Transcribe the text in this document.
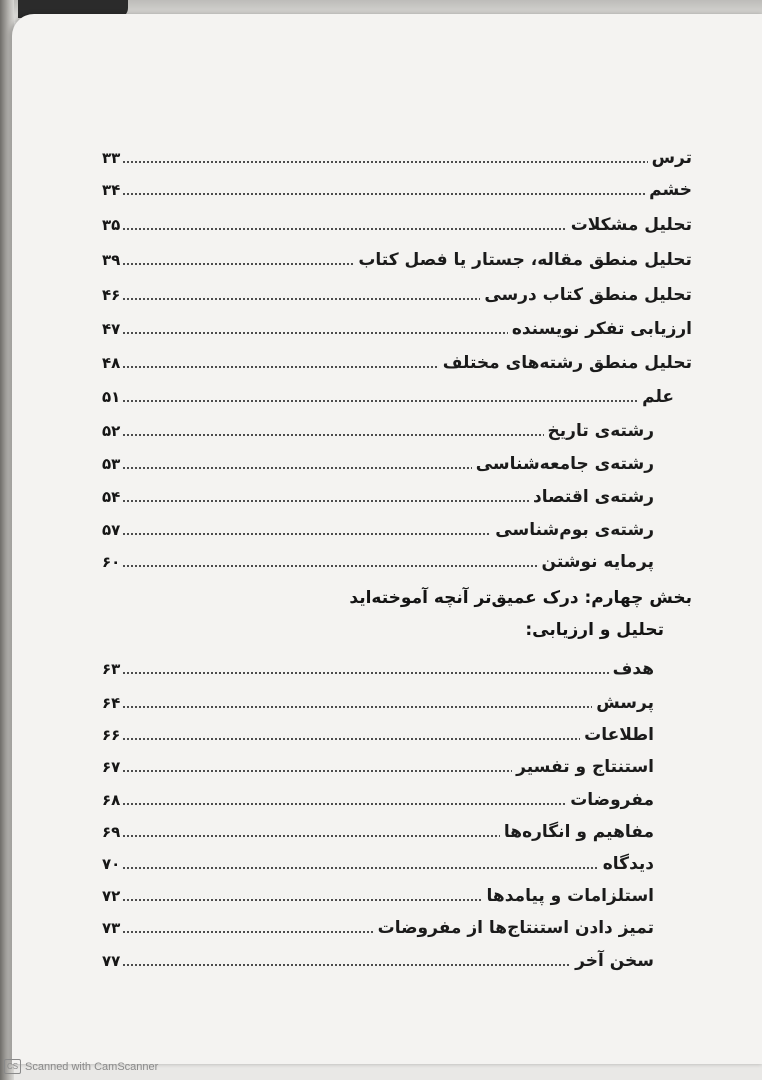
۳۳	ترس
۳۴	خشم
۳۵	تحلیل مشکلات
۳۹	تحلیل منطق مقاله، جستار یا فصل کتاب
۴۶	تحلیل منطق کتاب درسی
۴۷	ارزیابی تفکر نویسنده
۴۸	تحلیل منطق رشته‌های مختلف
۵۱	علم
۵۲	رشته‌ی تاریخ
۵۳	رشته‌ی جامعه‌شناسی
۵۴	رشته‌ی اقتصاد
۵۷	رشته‌ی بوم‌شناسی
۶۰	پرمایه نوشتن
بخش چهارم: درک عمیق‌تر آنچه آموخته‌اید
تحلیل و ارزیابی:
۶۳	هدف
۶۴	پرسش
۶۶	اطلاعات
۶۷	استنتاج و تفسیر
۶۸	مفروضات
۶۹	مفاهیم و انگاره‌ها
۷۰	دیدگاه
۷۲	استلزامات و پیامدها
۷۳	تمیز دادن استنتاج‌ها از مفروضات
۷۷	سخن آخر
CS Scanned with CamScanner
